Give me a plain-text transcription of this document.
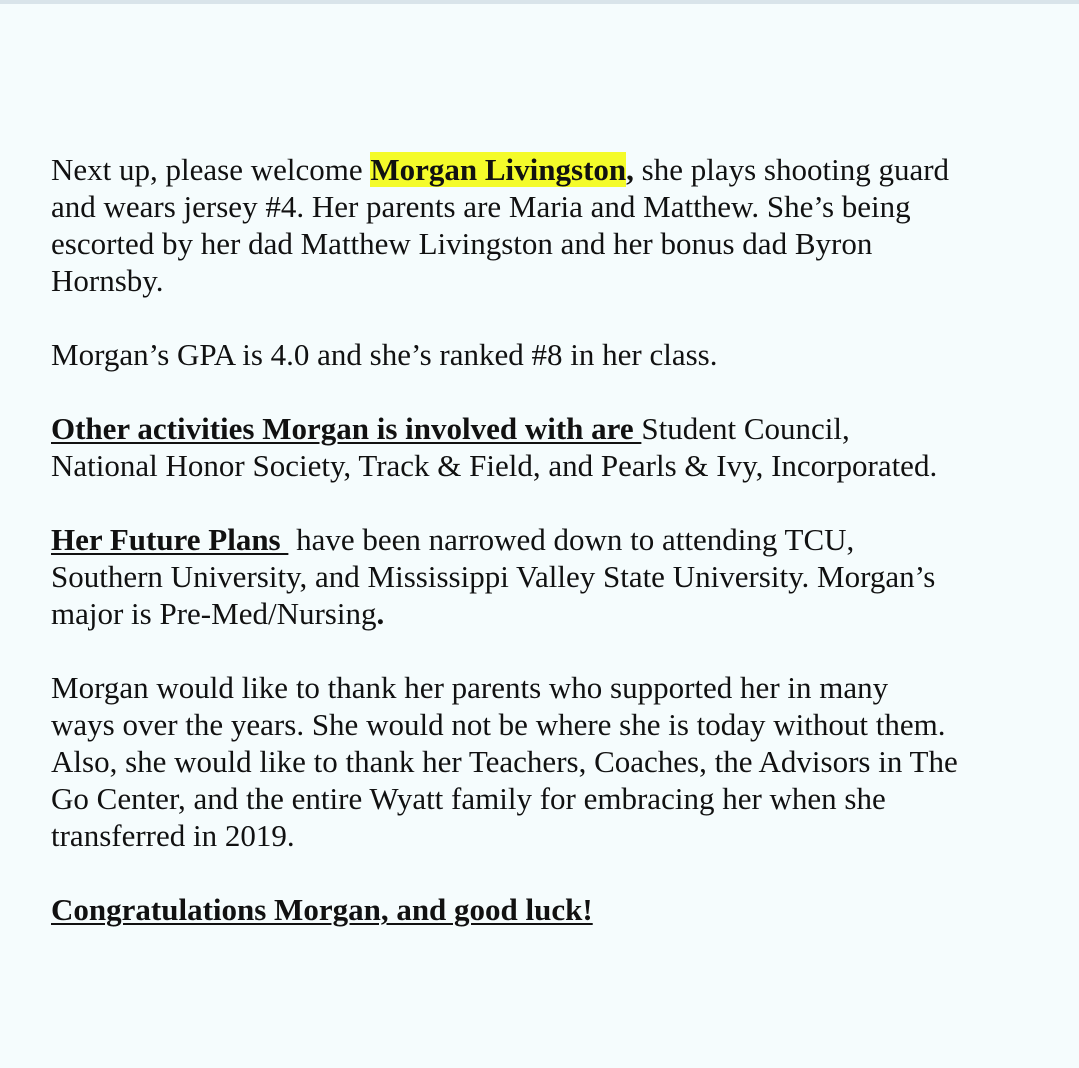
Next up, please welcome Morgan Livingston, she plays shooting guard
and wears jersey #4. Her parents are Maria and Matthew. She’s being
escorted by her dad Matthew Livingston and her bonus dad Byron
Hornsby.

Morgan’s GPA is 4.0 and she’s ranked #8 in her class.

Other activities Morgan is involved with are Student Council,
National Honor Society, Track & Field, and Pearls & Ivy, Incorporated.

Her Future Plans  have been narrowed down to attending TCU,
Southern University, and Mississippi Valley State University. Morgan’s
major is Pre-Med/Nursing.

Morgan would like to thank her parents who supported her in many
ways over the years. She would not be where she is today without them.
Also, she would like to thank her Teachers, Coaches, the Advisors in The
Go Center, and the entire Wyatt family for embracing her when she
transferred in 2019.

Congratulations Morgan, and good luck!
